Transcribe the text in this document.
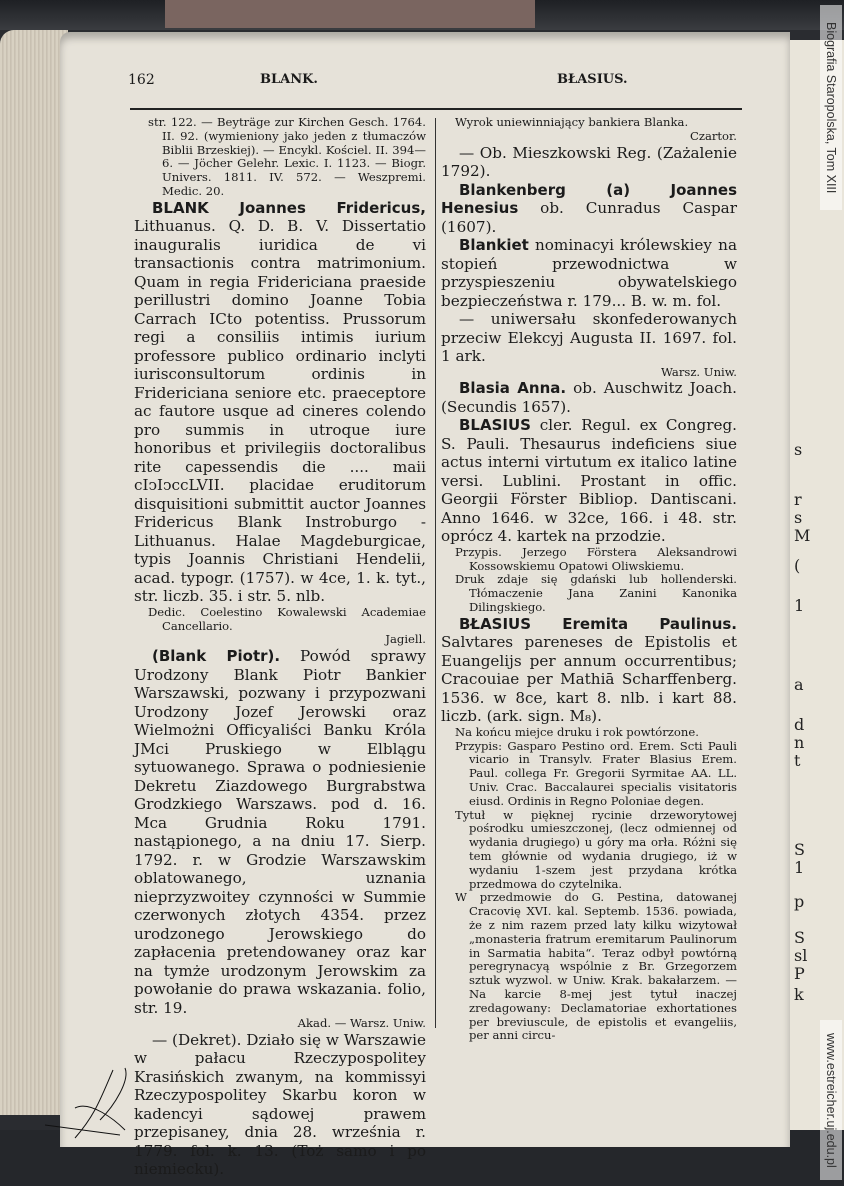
s
r
s
M
(
1
a
d
n
t
S
1
p
S
sl
P
k
162	BLANK.	BŁASIUS.

str. 122. — Beyträge zur Kirchen Gesch. 1764. II. 92. (wymieniony jako jeden z tłumaczów Biblii Brzeskiej). — Encykl. Kościel. II. 394—6. — Jöcher Gelehr. Lexic. I. 1123. — Biogr. Univers. 1811. IV. 572. — Weszpremi. Medic. 20.

BLANK Joannes Fridericus, Lithuanus. Q. D. B. V. Dissertatio inauguralis iuridica de vi transactionis contra matrimonium. Quam in regia Fridericiana praeside perillustri domino Joanne Tobia Carrach ICto potentiss. Prussorum regi a consiliis intimis iurium professore publico ordinario inclyti iurisconsultorum ordinis in Fridericiana seniore etc. praeceptore ac fautore usque ad cineres colendo pro summis in utroque iure honoribus et privilegiis doctoralibus rite capessendis die .... maii cIↄIↄccLVII. placidae eruditorum disquisitioni submittit auctor Joannes Fridericus Blank Instroburgo - Lithuanus. Halae Magdeburgicae, typis Joannis Christiani Hendelii, acad. typogr. (1757). w 4ce, 1. k. tyt., str. liczb. 35. i str. 5. nlb.

Dedic. Coelestino Kowalewski Academiae Cancellario.

Jagiell.

(Blank Piotr). Powód sprawy Urodzony Blank Piotr Bankier Warszawski, pozwany i przypozwani Urodzony Jozef Jerowski oraz Wielmożni Officyaliści Banku Króla JMci Pruskiego w Elblągu sytuowanego. Sprawa o podniesienie Dekretu Ziazdowego Burgrabstwa Grodzkiego Warszaws. pod d. 16. Mca Grudnia Roku 1791. nastąpionego, a na dniu 17. Sierp. 1792. r. w Grodzie Warszawskim oblatowanego, uznania nieprzyzwoitey czynności w Summie czerwonych złotych 4354. przez urodzonego Jerowskiego do zapłacenia pretendowaney oraz kar na tymże urodzonym Jerowskim za powołanie do prawa wskazania. folio, str. 19.

Akad. — Warsz. Uniw.

— (Dekret). Działo się w Warszawie w pałacu Rzeczypospolitey Krasińskich zwanym, na kommissyi Rzeczypospolitey Skarbu koron w kadencyi sądowej prawem przepisaney, dnia 28. września r. 1779. fol. k. 13. (Toż samo i po niemiecku).

Wyrok uniewinniający bankiera Blanka.

Czartor.

— Ob. Mieszkowski Reg. (Zażalenie 1792).

Blankenberg (a) Joannes Henesius ob. Cunradus Caspar (1607).

Blankiet nominacyi królewskiey na stopień przewodnictwa w przyspieszeniu obywatelskiego bezpieczeństwa r. 179... B. w. m. fol.

— uniwersału skonfederowanych przeciw Elekcyj Augusta II. 1697. fol. 1 ark.

Warsz. Uniw.

Blasia Anna. ob. Auschwitz Joach. (Secundis 1657).

BLASIUS cler. Regul. ex Congreg. S. Pauli. Thesaurus indeficiens siue actus interni virtutum ex italico latine versi. Lublini. Prostant in offic. Georgii Förster Bibliop. Dantiscani. Anno 1646. w 32ce, 166. i 48. str. oprócz 4. kartek na przodzie.

Przypis. Jerzego Förstera Aleksandrowi Kossowskiemu Opatowi Oliwskiemu.

Druk zdaje się gdański lub hollenderski. Tłómaczenie Jana Zanini Kanonika Dilingskiego.

BŁASIUS Eremita Paulinus. Salvtares pareneses de Epistolis et Euangelijs per annum occurrentibus; Cracouiae per Mathiā Scharffenberg. 1536. w 8ce, kart 8. nlb. i kart 88. liczb. (ark. sign. M₈).

Na końcu miejce druku i rok powtórzone.

Przypis: Gasparo Pestino ord. Erem. Scti Pauli vicario in Transylv. Frater Blasius Erem. Paul. collega Fr. Gregorii Syrmitae AA. LL. Univ. Crac. Baccalaurei specialis visitatoris eiusd. Ordinis in Regno Poloniae degen.

Tytuł w pięknej rycinie drzeworytowej pośrodku umieszczonej, (lecz odmiennej od wydania drugiego) u góry ma orła. Różni się tem głównie od wydania drugiego, iż w wydaniu 1-szem jest przydana krótka przedmowa do czytelnika.

W przedmowie do G. Pestina, datowanej Cracovię XVI. kal. Septemb. 1536. powiada, że z nim razem przed laty kilku wizytował „monasteria fratrum eremitarum Paulinorum in Sarmatia habita“. Teraz odbył powtórną peregrynacyą wspólnie z Br. Grzegorzem sztuk wyzwol. w Uniw. Krak. bakałarzem. — Na karcie 8-mej jest tytuł inaczej zredagowany: Declamatoriae exhortationes per breviuscule, de epistolis et evangeliis, per anni circu-

Biografia Staropolska, Tom XIII
www.estreicher.uj.edu.pl
